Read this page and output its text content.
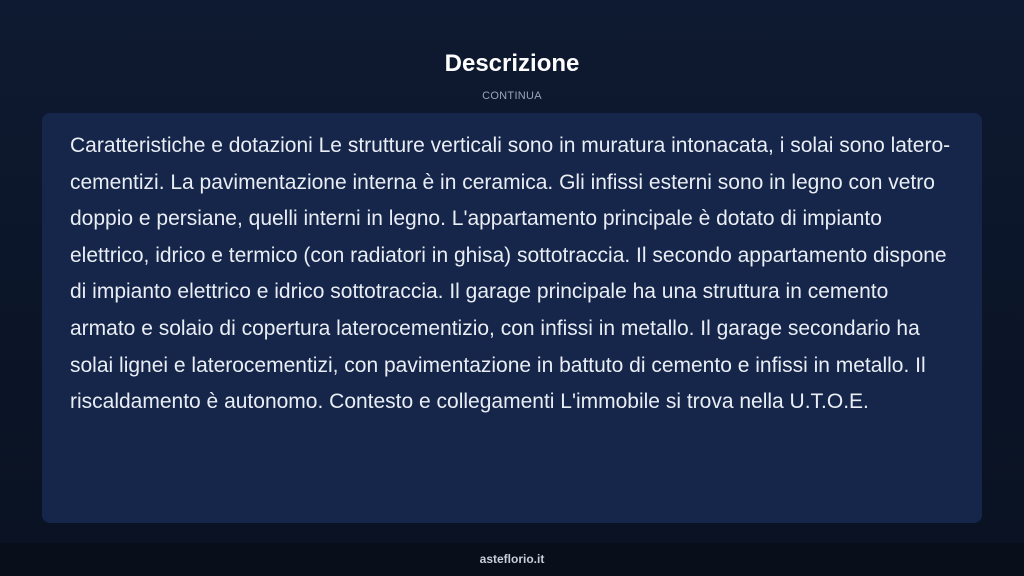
Descrizione
CONTINUA

Caratteristiche e dotazioni Le strutture verticali sono in muratura intonacata, i solai sono latero-cementizi. La pavimentazione interna è in ceramica. Gli infissi esterni sono in legno con vetro doppio e persiane, quelli interni in legno. L'appartamento principale è dotato di impianto elettrico, idrico e termico (con radiatori in ghisa) sottotraccia. Il secondo appartamento dispone di impianto elettrico e idrico sottotraccia. Il garage principale ha una struttura in cemento armato e solaio di copertura laterocementizio, con infissi in metallo. Il garage secondario ha solai lignei e laterocementizi, con pavimentazione in battuto di cemento e infissi in metallo. Il riscaldamento è autonomo. Contesto e collegamenti L'immobile si trova nella U.T.O.E.

asteflorio.it
